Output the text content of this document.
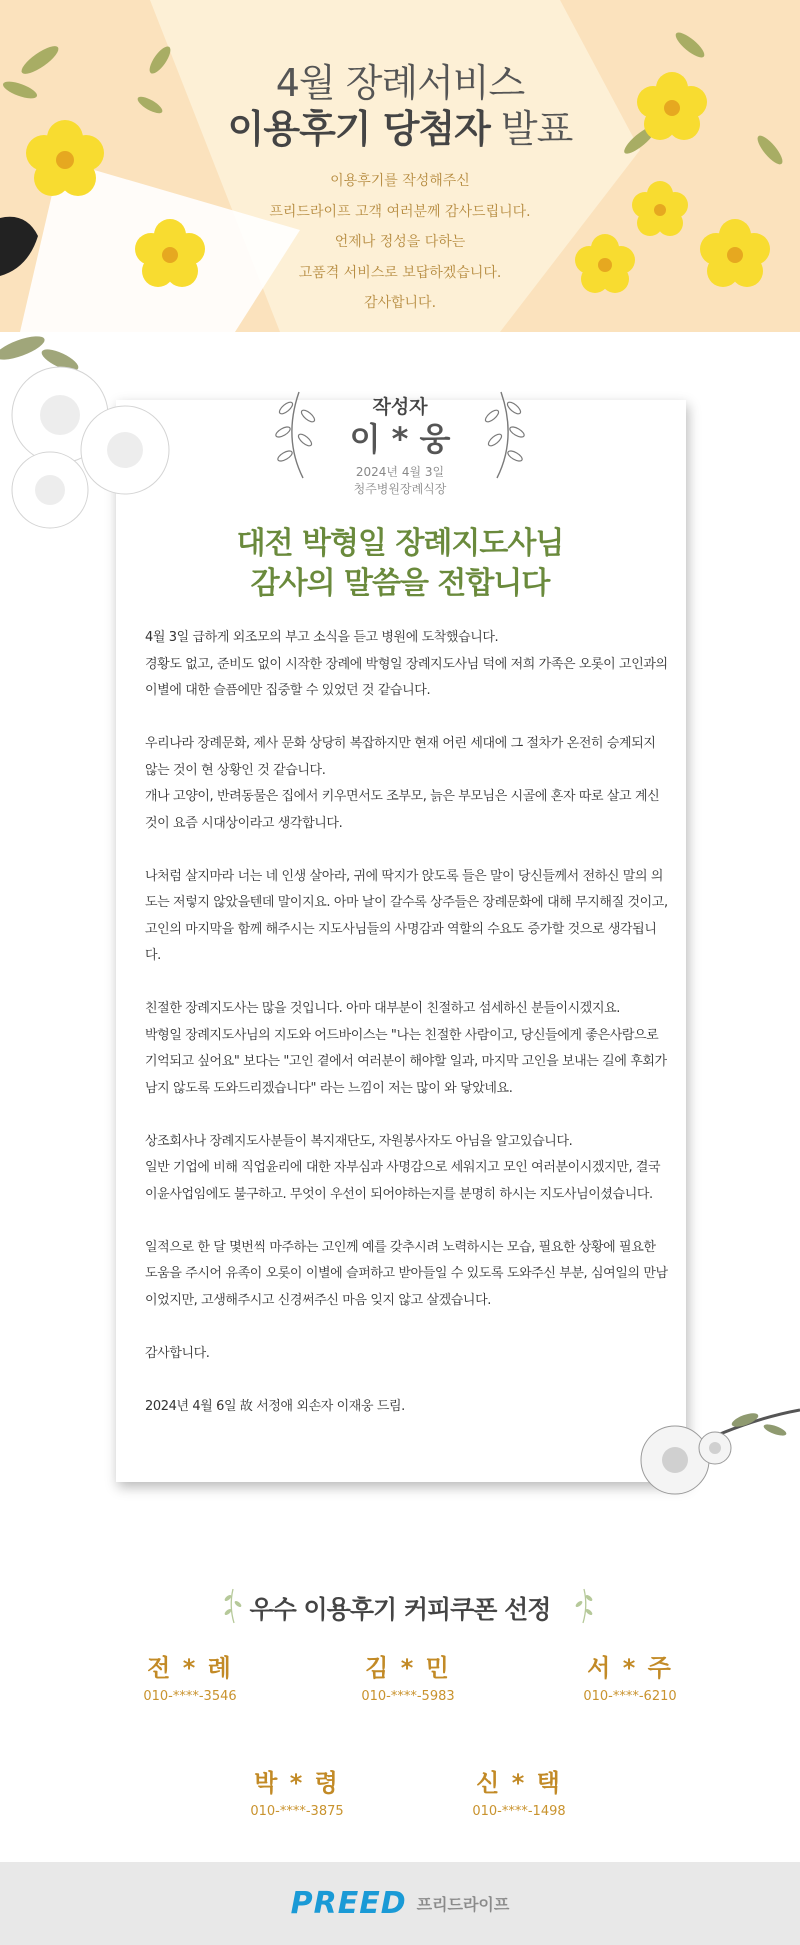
4월 장례서비스
이용후기 당첨자 발표

이용후기를 작성해주신

프리드라이프 고객 여러분께 감사드립니다.

언제나 정성을 다하는

고품격 서비스로 보답하겠습니다.

감사합니다.

작성자
이 * 웅
2024년 4월 3일
청주병원장례식장
대전 박형일 장례지도사님
감사의 말씀을 전합니다

4월 3일 급하게 외조모의 부고 소식을 듣고 병원에 도착했습니다.
경황도 없고, 준비도 없이 시작한 장례에 박형일 장례지도사님 덕에 저희 가족은 오롯이 고인과의 이별에 대한 슬픔에만 집중할 수 있었던 것 같습니다.

우리나라 장례문화, 제사 문화 상당히 복잡하지만 현재 어린 세대에 그 절차가 온전히 승계되지 않는 것이 현 상황인 것 같습니다.
개나 고양이, 반려동물은 집에서 키우면서도 조부모, 늙은 부모님은 시골에 혼자 따로 살고 계신 것이 요즘 시대상이라고 생각합니다.

나처럼 살지마라 너는 네 인생 살아라, 귀에 딱지가 앉도록 들은 말이 당신들께서 전하신 말의 의도는 저렇지 않았을텐데 말이지요. 아마 날이 갈수록 상주들은 장례문화에 대해 무지해질 것이고, 고인의 마지막을 함께 해주시는 지도사님들의 사명감과 역할의 수요도 증가할 것으로 생각됩니다.

친절한 장례지도사는 많을 것입니다. 아마 대부분이 친절하고 섬세하신 분들이시겠지요.
박형일 장례지도사님의 지도와 어드바이스는 "나는 친절한 사람이고, 당신들에게 좋은사람으로 기억되고 싶어요" 보다는 "고인 곁에서 여러분이 해야할 일과, 마지막 고인을 보내는 길에 후회가 남지 않도록 도와드리겠습니다" 라는 느낌이 저는 많이 와 닿았네요.

상조회사나 장례지도사분들이 복지재단도, 자원봉사자도 아님을 알고있습니다.
일반 기업에 비해 직업윤리에 대한 자부심과 사명감으로 세워지고 모인 여러분이시겠지만, 결국 이윤사업임에도 불구하고. 무엇이 우선이 되어야하는지를 분명히 하시는 지도사님이셨습니다.

일적으로 한 달 몇번씩 마주하는 고인께 예를 갖추시려 노력하시는 모습, 필요한 상황에 필요한 도움을 주시어 유족이 오롯이 이별에 슬퍼하고 받아들일 수 있도록 도와주신 부분, 심여일의 만남이었지만, 고생해주시고 신경써주신 마음 잊지 않고 살겠습니다.

감사합니다.

2024년 4월 6일 故 서정애 외손자 이재웅 드림.

우수 이용후기 커피쿠폰 선정
전 * 례
010-****-3546
김 * 민
010-****-5983
서 * 주
010-****-6210
박 * 령
010-****-3875
신 * 택
010-****-1498
PREED 프리드라이프
